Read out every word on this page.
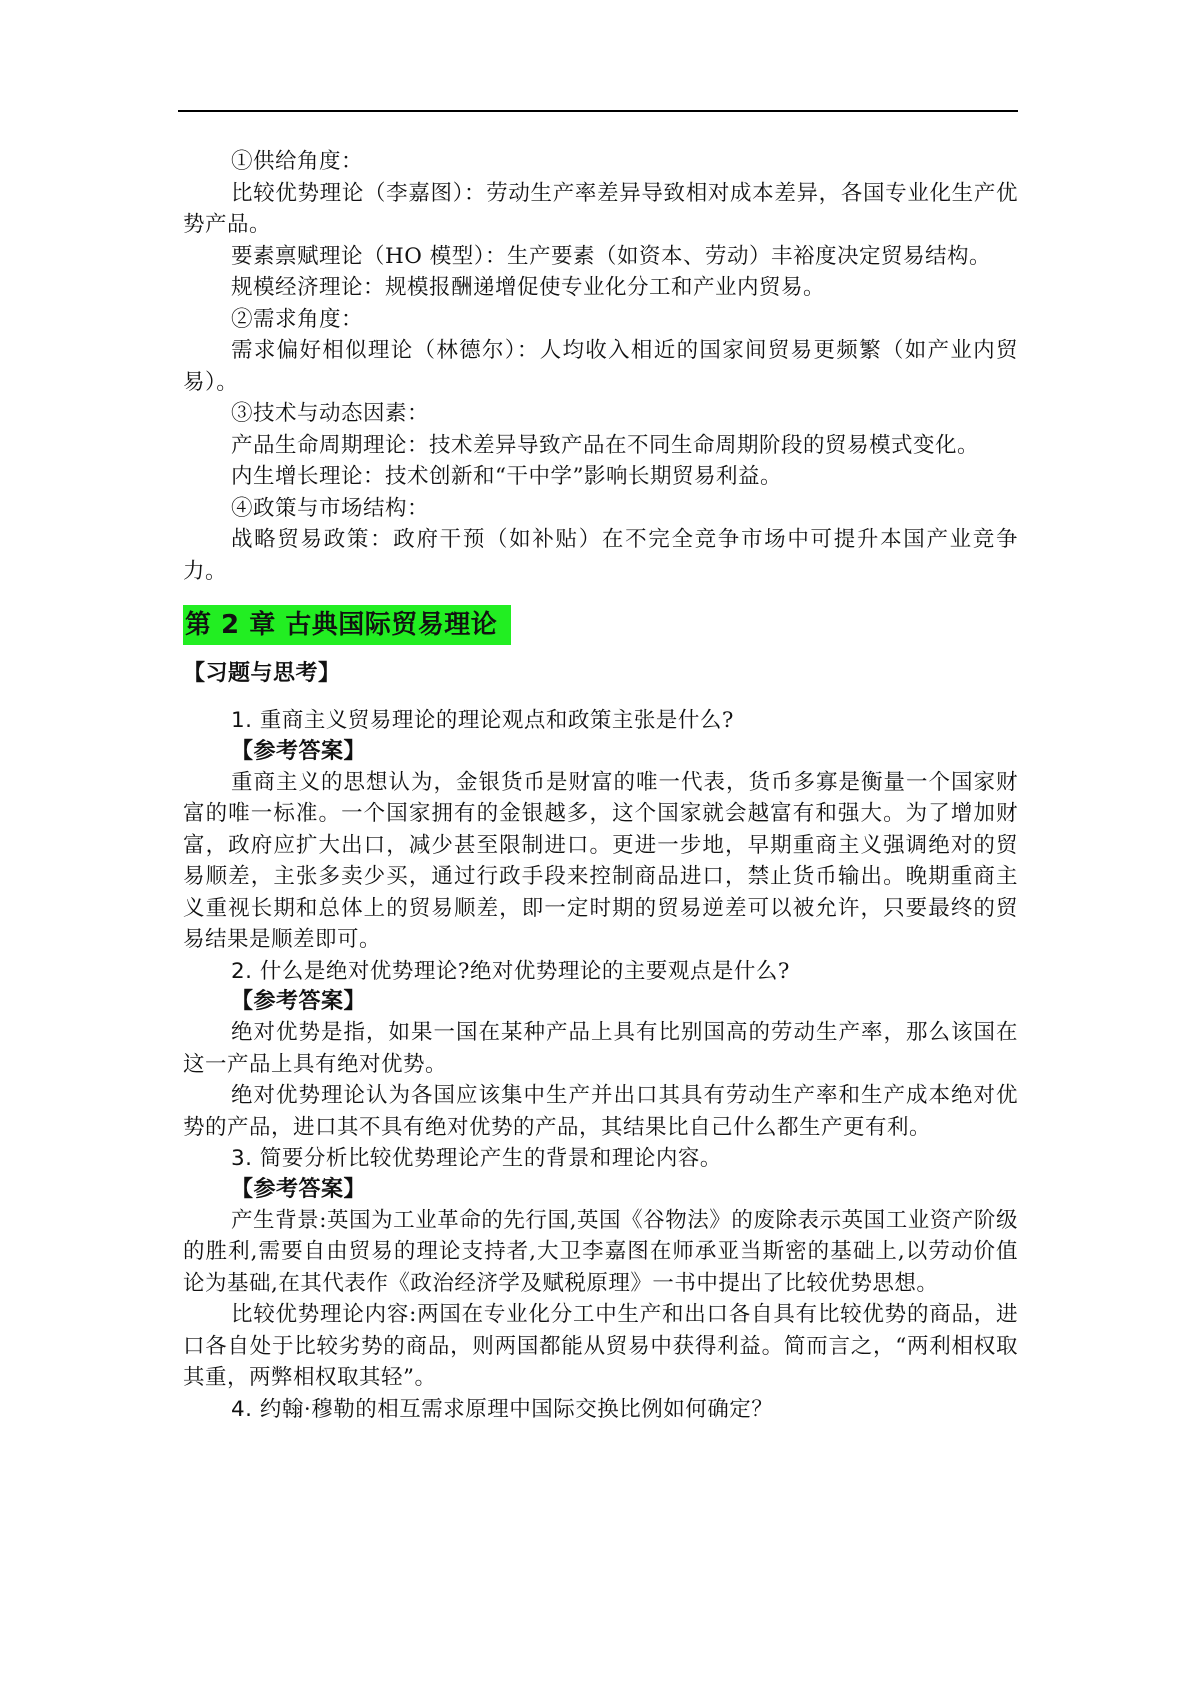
①供给角度：

比较优势理论（李嘉图）：劳动生产率差异导致相对成本差异，各国专业化生产优势产品。

要素禀赋理论（HO 模型）：生产要素（如资本、劳动）丰裕度决定贸易结构。

规模经济理论：规模报酬递增促使专业化分工和产业内贸易。

②需求角度：

需求偏好相似理论（林德尔）：人均收入相近的国家间贸易更频繁（如产业内贸易）。

③技术与动态因素：

产品生命周期理论：技术差异导致产品在不同生命周期阶段的贸易模式变化。

内生增长理论：技术创新和“干中学”影响长期贸易利益。

④政策与市场结构：

战略贸易政策：政府干预（如补贴）在不完全竞争市场中可提升本国产业竞争力。

第 2 章 古典国际贸易理论
【习题与思考】

1. 重商主义贸易理论的理论观点和政策主张是什么?

【参考答案】

重商主义的思想认为，金银货币是财富的唯一代表，货币多寡是衡量一个国家财富的唯一标准。一个国家拥有的金银越多，这个国家就会越富有和强大。为了增加财富，政府应扩大出口，减少甚至限制进口。更进一步地，早期重商主义强调绝对的贸易顺差，主张多卖少买，通过行政手段来控制商品进口，禁止货币输出。晚期重商主义重视长期和总体上的贸易顺差，即一定时期的贸易逆差可以被允许，只要最终的贸易结果是顺差即可。

2. 什么是绝对优势理论?绝对优势理论的主要观点是什么?

【参考答案】

绝对优势是指，如果一国在某种产品上具有比别国高的劳动生产率，那么该国在这一产品上具有绝对优势。

绝对优势理论认为各国应该集中生产并出口其具有劳动生产率和生产成本绝对优势的产品，进口其不具有绝对优势的产品，其结果比自己什么都生产更有利。

3. 简要分析比较优势理论产生的背景和理论内容。

【参考答案】

产生背景:英国为工业革命的先行国,英国《谷物法》的废除表示英国工业资产阶级的胜利,需要自由贸易的理论支持者,大卫李嘉图在师承亚当斯密的基础上,以劳动价值论为基础,在其代表作《政治经济学及赋税原理》一书中提出了比较优势思想。

比较优势理论内容:两国在专业化分工中生产和出口各自具有比较优势的商品，进口各自处于比较劣势的商品，则两国都能从贸易中获得利益。简而言之，“两利相权取其重，两弊相权取其轻”。

4. 约翰·穆勒的相互需求原理中国际交换比例如何确定？
